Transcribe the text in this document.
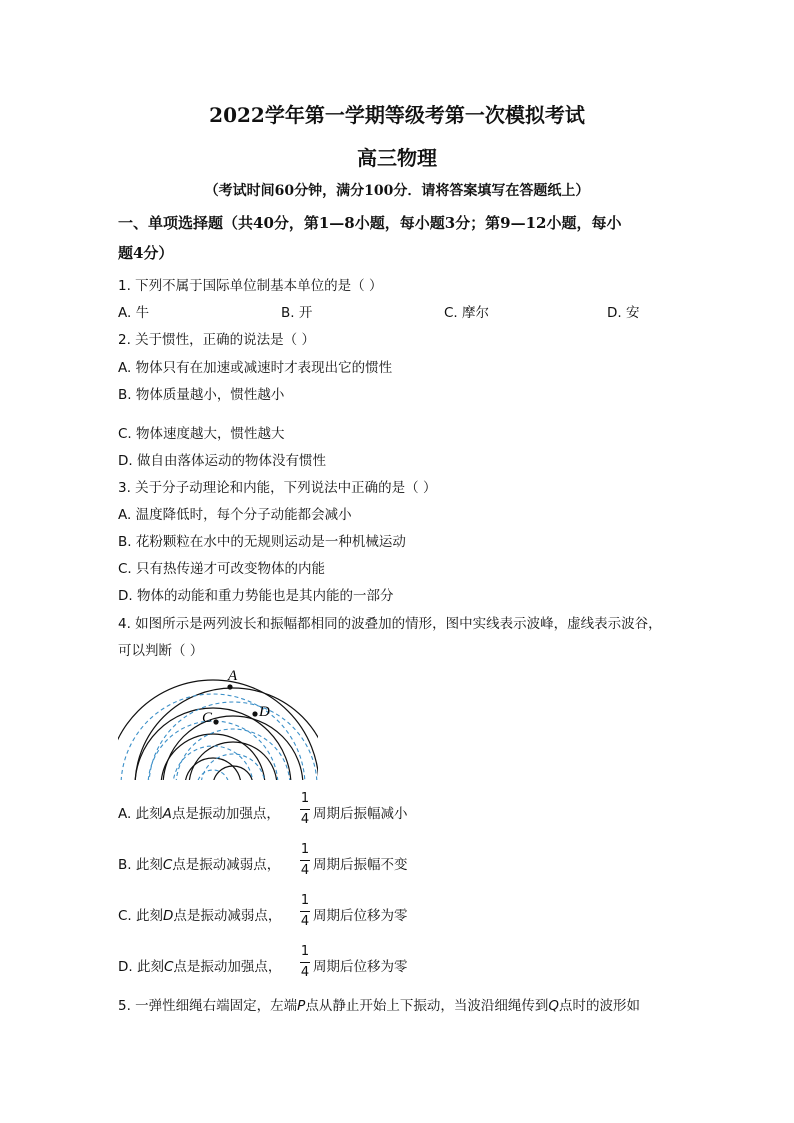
2022学年第一学期等级考第一次模拟考试
高三物理
（考试时间60分钟，满分100分．请将答案填写在答题纸上）
一、单项选择题（共40分，第1—8小题，每小题3分；第9—12小题，每小
题4分）
1. 下列不属于国际单位制基本单位的是（ ）
A. 牛	B. 开	C. 摩尔	D. 安
2. 关于惯性，正确的说法是（ ）
A. 物体只有在加速或减速时才表现出它的惯性
B. 物体质量越小，惯性越小
C. 物体速度越大，惯性越大
D. 做自由落体运动的物体没有惯性
3. 关于分子动理论和内能，下列说法中正确的是（ ）
A. 温度降低时，每个分子动能都会减小
B. 花粉颗粒在水中的无规则运动是一种机械运动
C. 只有热传递才可改变物体的内能
D. 物体的动能和重力势能也是其内能的一部分
4. 如图所示是两列波长和振幅都相同的波叠加的情形，图中实线表示波峰，虚线表示波谷，
可以判断（ ）
A
C	D
A. 此刻A点是振动加强点，
1
4 周期后振幅减小
B. 此刻C点是振动减弱点，
1
4 周期后振幅不变
C. 此刻D点是振动减弱点，
1
4 周期后位移为零
D. 此刻C点是振动加强点，
1
4 周期后位移为零
5. 一弹性细绳右端固定，左端P点从静止开始上下振动，当波沿细绳传到Q点时的波形如
